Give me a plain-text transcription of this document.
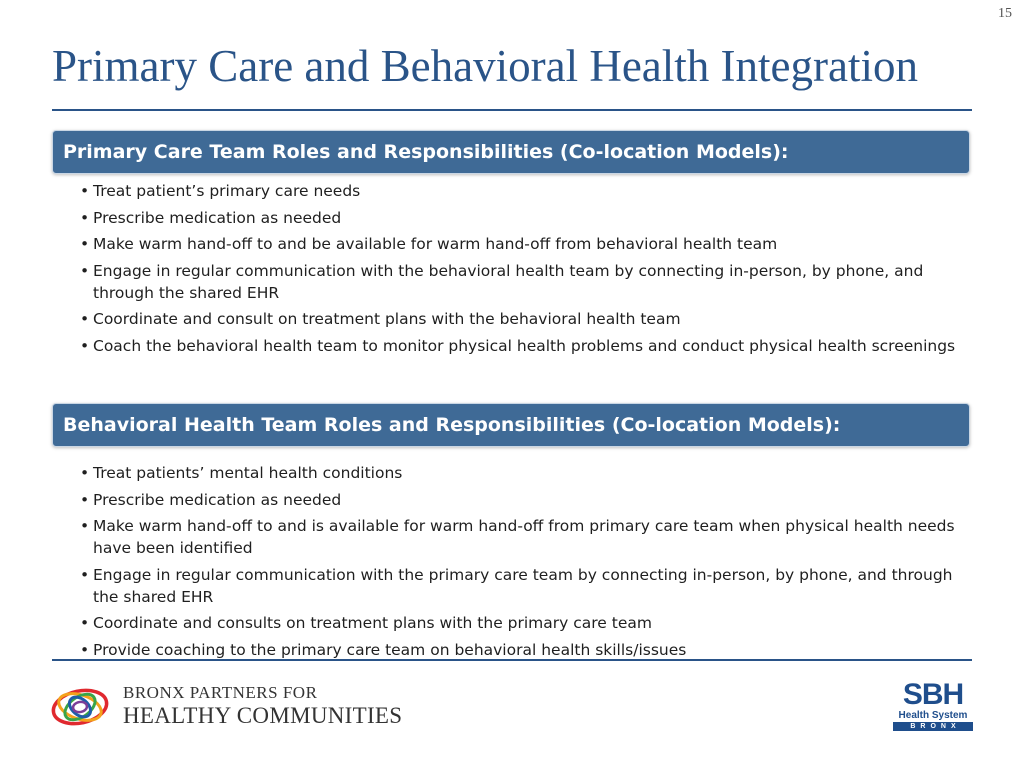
15
Primary Care and Behavioral Health Integration
Primary Care Team Roles and Responsibilities (Co-location Models):
• Treat patient’s primary care needs
• Prescribe medication as needed
• Make warm hand-off to and be available for warm hand-off from behavioral health team
• Engage in regular communication with the behavioral health team by connecting in-person, by phone, and through the shared EHR
• Coordinate and consult on treatment plans with the behavioral health team
• Coach the behavioral health team to monitor physical health problems and conduct physical health screenings
Behavioral Health Team Roles and Responsibilities (Co-location Models):
• Treat patients’ mental health conditions
• Prescribe medication as needed
• Make warm hand-off to and is available for warm hand-off from primary care team when physical health needs have been identified
• Engage in regular communication with the primary care team by connecting in-person, by phone, and through the shared EHR
• Coordinate and consults on treatment plans with the primary care team
• Provide coaching to the primary care team on behavioral health skills/issues
BRONX PARTNERS FOR
HEALTHY COMMUNITIES
SBH
Health System
BRONX
